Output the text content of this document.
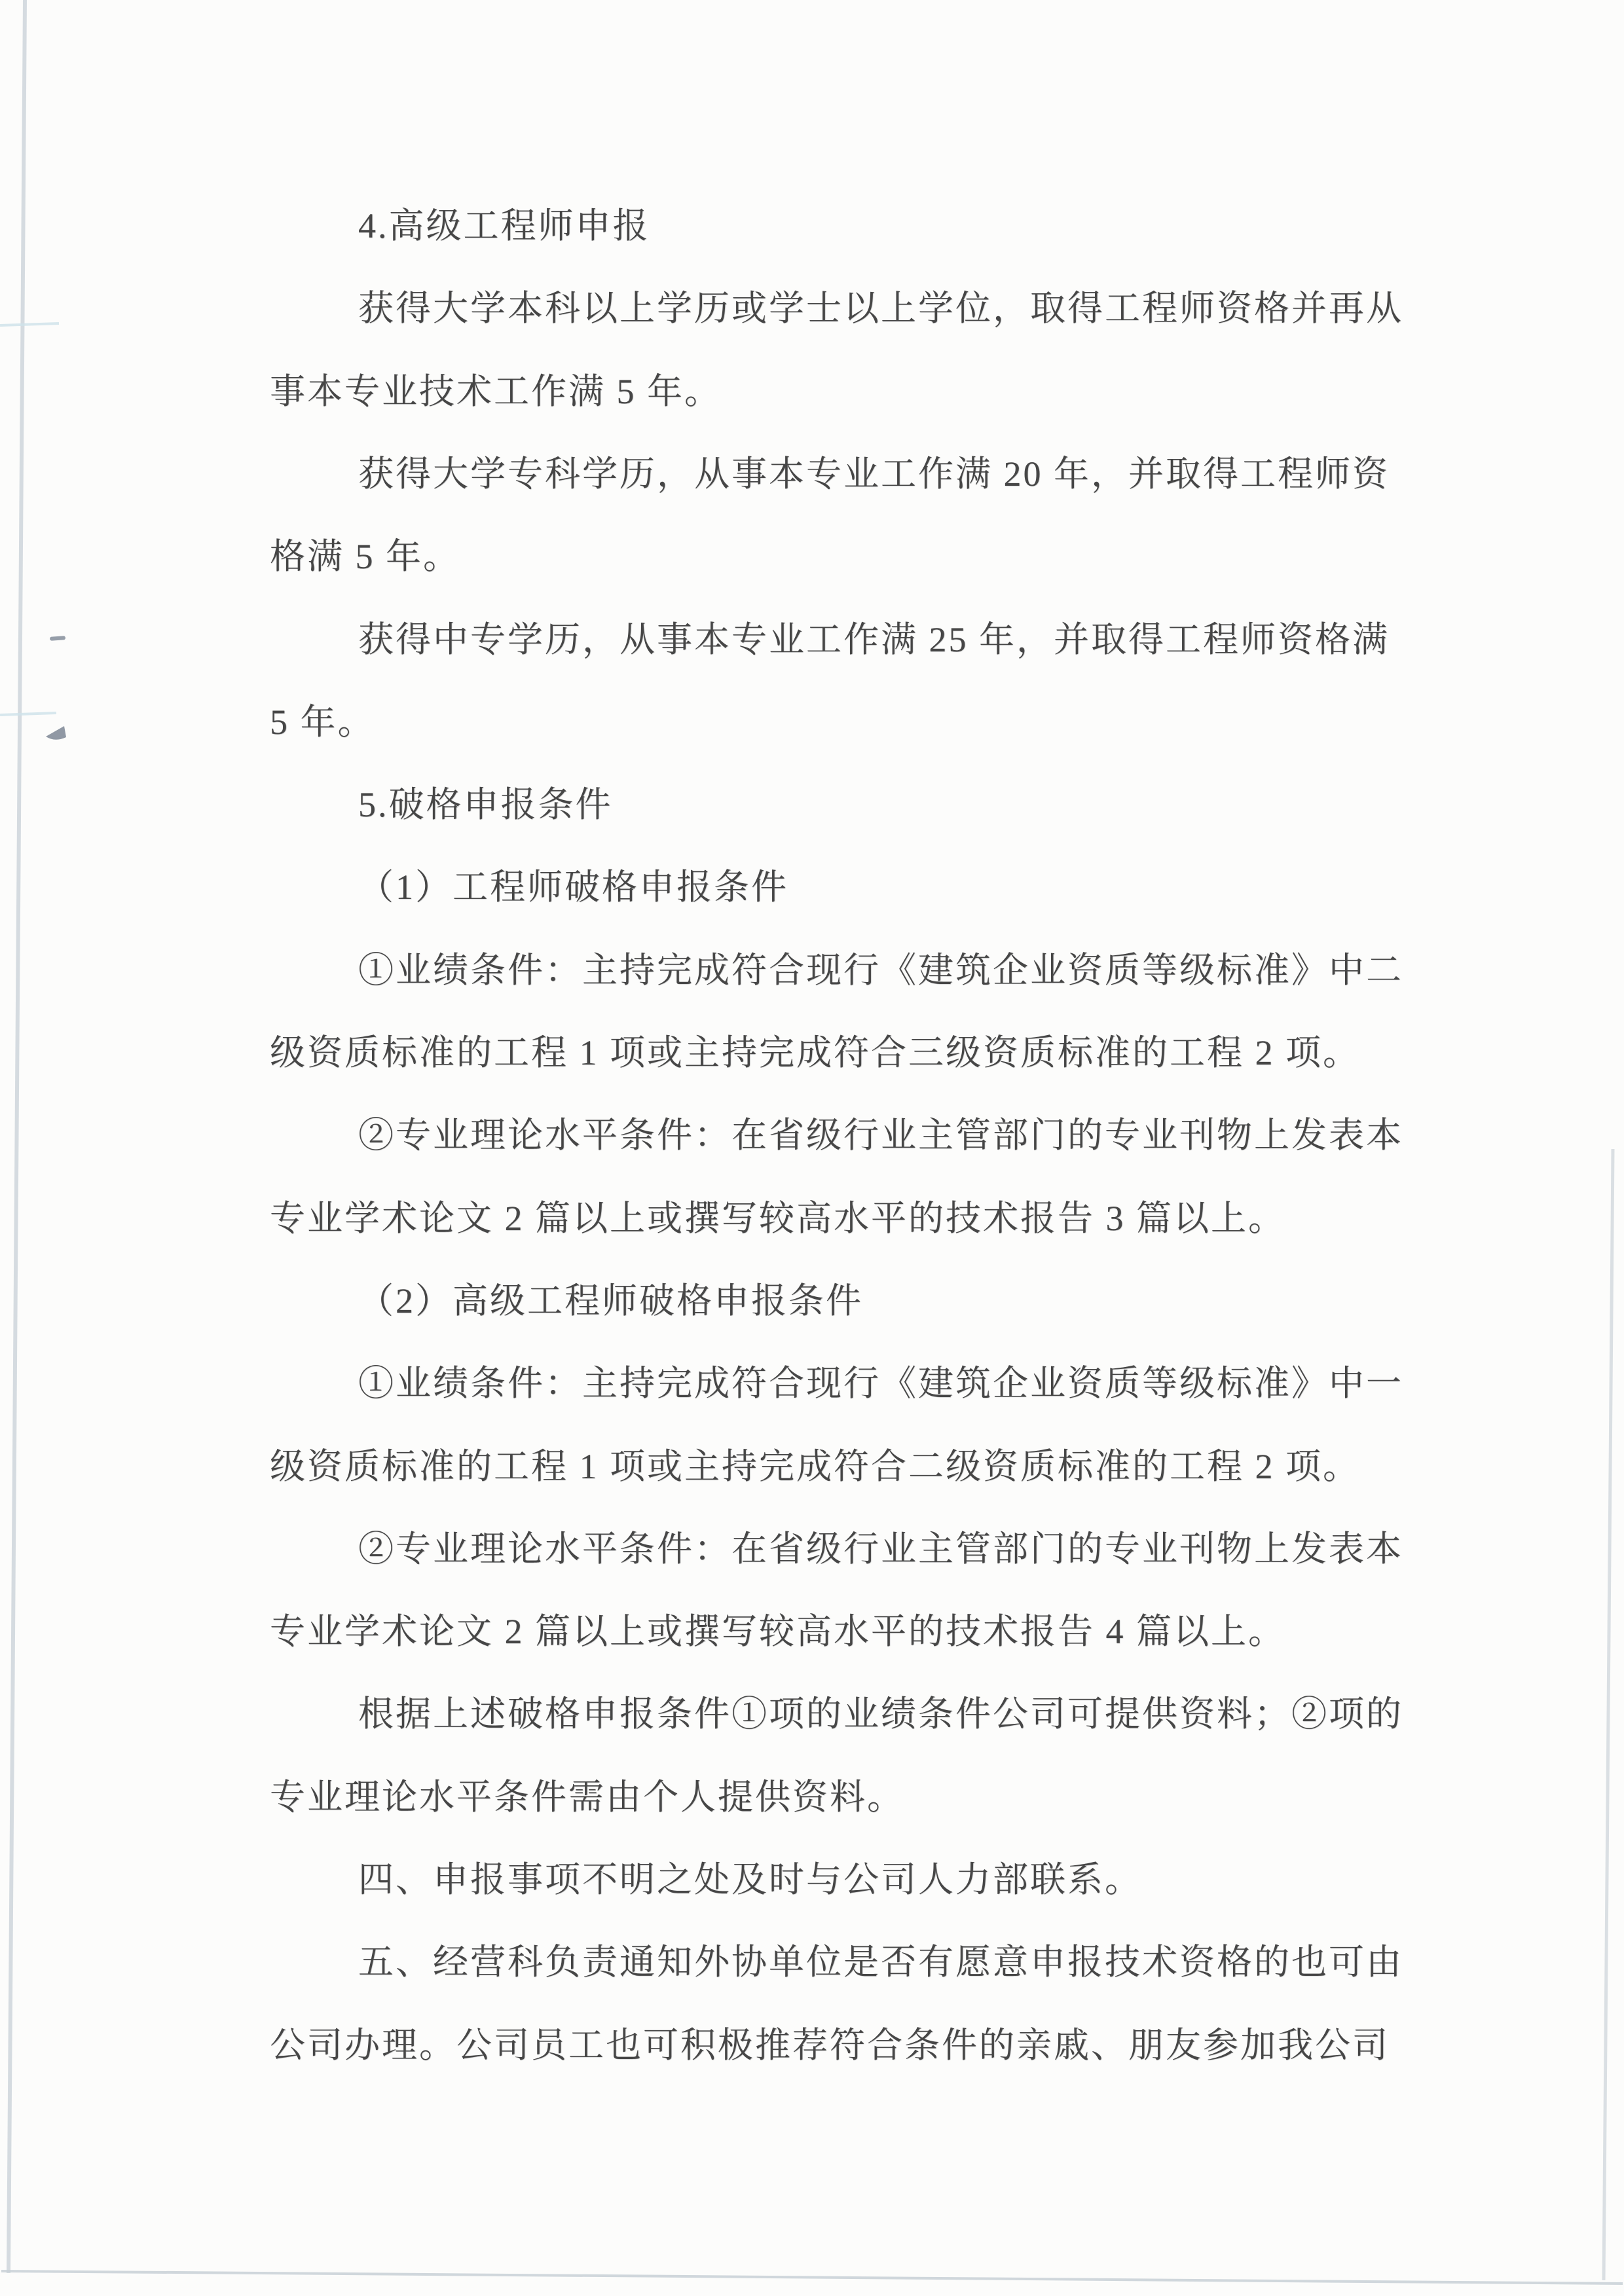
4.高级工程师申报
获得大学本科以上学历或学士以上学位，取得工程师资格并再从
事本专业技术工作满 5 年。
获得大学专科学历，从事本专业工作满 20 年，并取得工程师资
格满 5 年。
获得中专学历，从事本专业工作满 25 年，并取得工程师资格满
5 年。
5.破格申报条件
（1）工程师破格申报条件
①业绩条件：主持完成符合现行《建筑企业资质等级标准》中二
级资质标准的工程 1 项或主持完成符合三级资质标准的工程 2 项。
②专业理论水平条件：在省级行业主管部门的专业刊物上发表本
专业学术论文 2 篇以上或撰写较高水平的技术报告 3 篇以上。
（2）高级工程师破格申报条件
①业绩条件：主持完成符合现行《建筑企业资质等级标准》中一
级资质标准的工程 1 项或主持完成符合二级资质标准的工程 2 项。
②专业理论水平条件：在省级行业主管部门的专业刊物上发表本
专业学术论文 2 篇以上或撰写较高水平的技术报告 4 篇以上。
根据上述破格申报条件①项的业绩条件公司可提供资料；②项的
专业理论水平条件需由个人提供资料。
四、申报事项不明之处及时与公司人力部联系。
五、经营科负责通知外协单位是否有愿意申报技术资格的也可由
公司办理。公司员工也可积极推荐符合条件的亲戚、朋友参加我公司
